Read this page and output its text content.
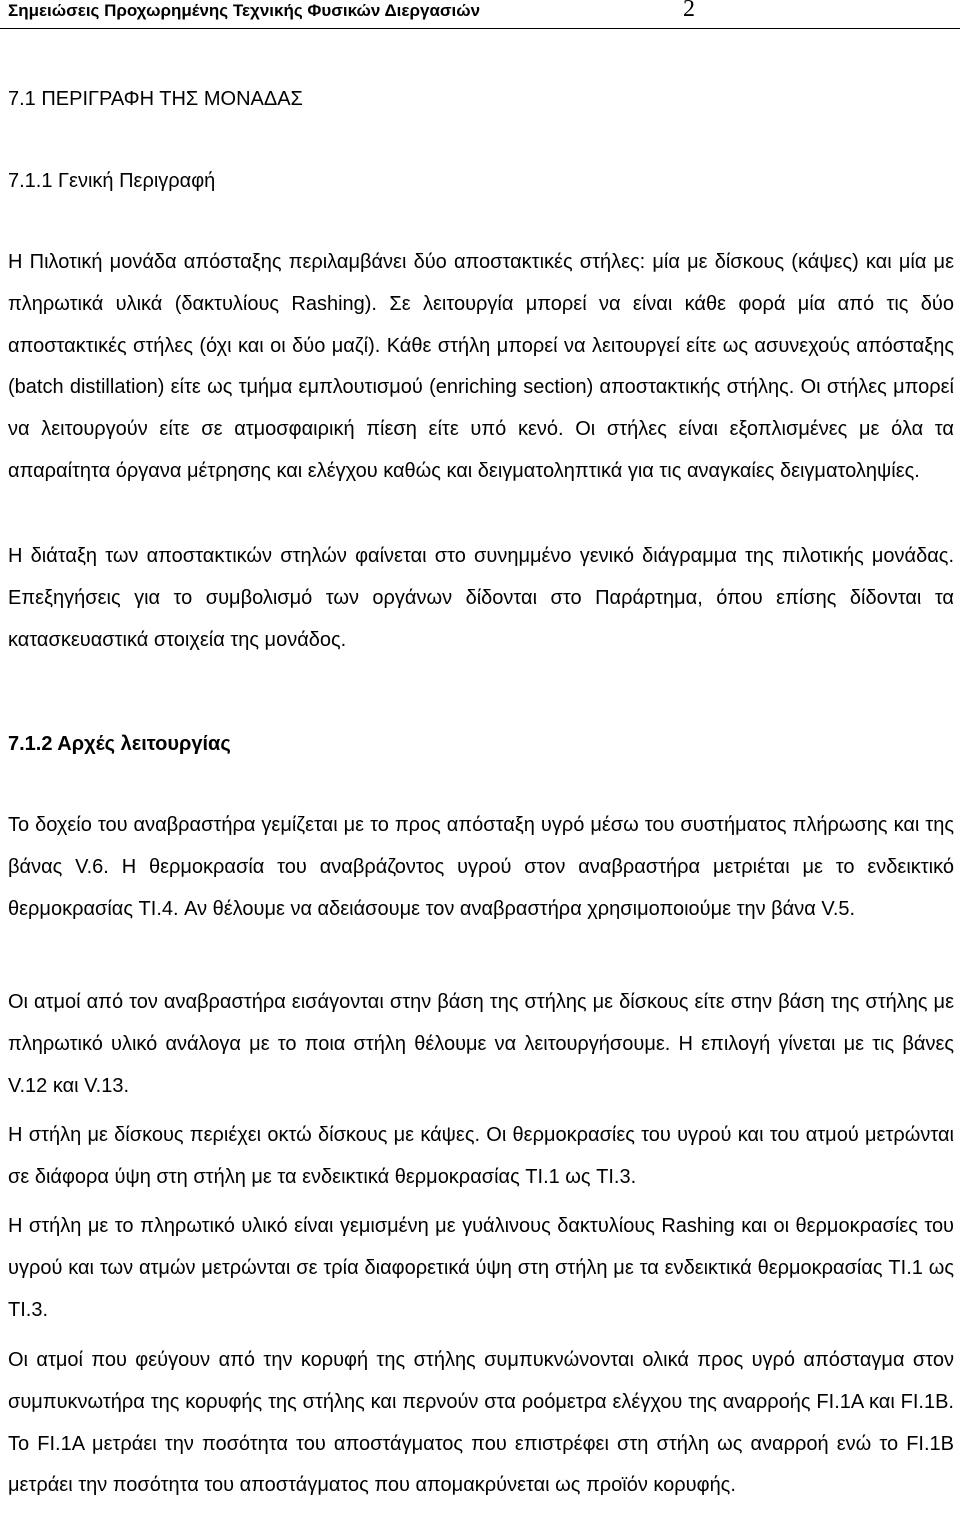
Σημειώσεις Προχωρημένης Τεχνικής Φυσικών Διεργασιών	2
7.1 ΠΕΡΙΓΡΑΦΗ ΤΗΣ ΜΟΝΑΔΑΣ
7.1.1 Γενική Περιγραφή

Η Πιλοτική μονάδα απόσταξης περιλαμβάνει δύο αποστακτικές στήλες: μία με δίσκους (κάψες) και μία με πληρωτικά υλικά (δακτυλίους Rashing). Σε λειτουργία μπορεί να είναι κάθε φορά μία από τις δύο αποστακτικές στήλες (όχι και οι δύο μαζί). Κάθε στήλη μπορεί να λειτουργεί είτε ως ασυνεχούς απόσταξης (batch distillation) είτε ως τμήμα εμπλουτισμού (enriching section) αποστακτικής στήλης. Οι στήλες μπορεί να λειτουργούν είτε σε ατμοσφαιρική πίεση είτε υπό κενό. Οι στήλες είναι εξοπλισμένες με όλα τα απαραίτητα όργανα μέτρησης και ελέγχου καθώς και δειγματοληπτικά για τις αναγκαίες δειγματοληψίες.

Η διάταξη των αποστακτικών στηλών φαίνεται στο συνημμένο γενικό διάγραμμα της πιλοτικής μονάδας. Επεξηγήσεις για το συμβολισμό των οργάνων δίδονται στο Παράρτημα, όπου επίσης δίδονται τα κατασκευαστικά στοιχεία της μονάδος.

7.1.2 Αρχές λειτουργίας

Το δοχείο του αναβραστήρα γεμίζεται με το προς απόσταξη υγρό μέσω του συστήματος πλήρωσης και της βάνας V.6. Η θερμοκρασία του αναβράζοντος υγρού στον αναβραστήρα μετριέται με το ενδεικτικό θερμοκρασίας TI.4. Αν θέλουμε να αδειάσουμε τον αναβραστήρα χρησιμοποιούμε την βάνα V.5.

Οι ατμοί από τον αναβραστήρα εισάγονται στην βάση της στήλης με δίσκους είτε στην βάση της στήλης με πληρωτικό υλικό ανάλογα με το ποια στήλη θέλουμε να λειτουργήσουμε. Η επιλογή γίνεται με τις βάνες V.12 και V.13.

Η στήλη με δίσκους περιέχει οκτώ δίσκους με κάψες. Οι θερμοκρασίες του υγρού και του ατμού μετρώνται σε διάφορα ύψη στη στήλη με τα ενδεικτικά θερμοκρασίας TI.1 ως TI.3.

Η στήλη με το πληρωτικό υλικό είναι γεμισμένη με γυάλινους δακτυλίους Rashing και οι θερμοκρασίες του υγρού και των ατμών μετρώνται σε τρία διαφορετικά ύψη στη στήλη με τα ενδεικτικά θερμοκρασίας TI.1 ως TI.3.

Οι ατμοί που φεύγουν από την κορυφή της στήλης συμπυκνώνονται ολικά προς υγρό απόσταγμα στον συμπυκνωτήρα της κορυφής της στήλης και περνούν στα ροόμετρα ελέγχου της αναρροής FI.1A και FI.1B. Το FI.1A μετράει την ποσότητα του αποστάγματος που επιστρέφει στη στήλη ως αναρροή ενώ το FI.1B μετράει την ποσότητα του αποστάγματος που απομακρύνεται ως προϊόν κορυφής.
